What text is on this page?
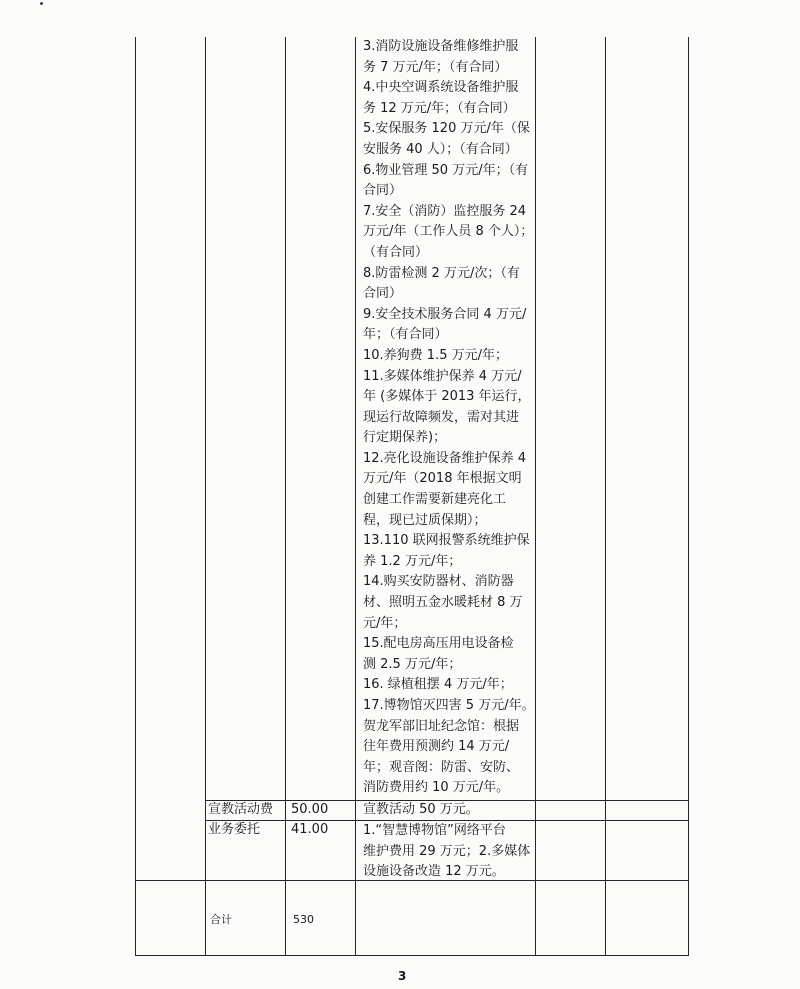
3.消防设施设备维修维护服
务 7 万元/年；（有合同）
4.中央空调系统设备维护服
务 12 万元/年；（有合同）
5.安保服务 120 万元/年（保
安服务 40 人）；（有合同）
6.物业管理 50 万元/年；（有
合同）
7.安全（消防）监控服务 24
万元/年（工作人员 8 个人）；
（有合同）
8.防雷检测 2 万元/次；（有
合同）
9.安全技术服务合同 4 万元/
年；（有合同）
10.养狗费 1.5 万元/年；
11.多媒体维护保养 4 万元/
年 (多媒体于 2013 年运行，
现运行故障频发，需对其进
行定期保养)；
12.亮化设施设备维护保养 4
万元/年（2018 年根据文明
创建工作需要新建亮化工
程，现已过质保期）；
13.110 联网报警系统维护保
养 1.2 万元/年；
14.购买安防器材、消防器
材、照明五金水暖耗材 8 万
元/年；
15.配电房高压用电设备检
测 2.5 万元/年；
16. 绿植租摆 4 万元/年；
17.博物馆灭四害 5 万元/年。
贺龙军部旧址纪念馆：根据
往年费用预测约 14 万元/
年；观音阁：防雷、安防、
消防费用约 10 万元/年。
宣教活动费 50.00	宣教活动 50 万元。
业务委托 41.00	1.“智慧博物馆”网络平台
维护费用 29 万元；2.多媒体
设施设备改造 12 万元。
合计	530
3
